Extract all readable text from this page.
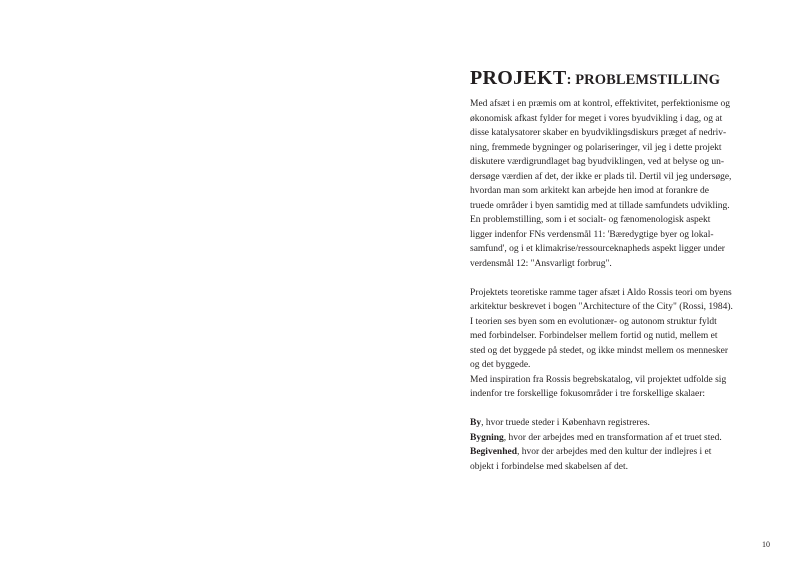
PROJEKT: PROBLEMSTILLING
Med afsæt i en præmis om at kontrol, effektivitet, perfektionisme og
økonomisk afkast fylder for meget i vores byudvikling i dag, og at
disse katalysatorer skaber en byudviklingsdiskurs præget af nedriv-
ning, fremmede bygninger og polariseringer, vil jeg i dette projekt
diskutere værdigrundlaget bag byudviklingen, ved at belyse og un-
dersøge værdien af det, der ikke er plads til. Dertil vil jeg undersøge,
hvordan man som arkitekt kan arbejde hen imod at forankre de
truede områder i byen samtidig med at tillade samfundets udvikling.
En problemstilling, som i et socialt- og fænomenologisk aspekt
ligger indenfor FNs verdensmål 11: 'Bæredygtige byer og lokal-
samfund', og i et klimakrise/ressourceknapheds aspekt ligger under
verdensmål 12: "Ansvarligt forbrug".
Projektets teoretiske ramme tager afsæt i Aldo Rossis teori om byens
arkitektur beskrevet i bogen "Architecture of the City" (Rossi, 1984).
I teorien ses byen som en evolutionær- og autonom struktur fyldt
med forbindelser. Forbindelser mellem fortid og nutid, mellem et
sted og det byggede på stedet, og ikke mindst mellem os mennesker
og det byggede.
Med inspiration fra Rossis begrebskatalog, vil projektet udfolde sig
indenfor tre forskellige fokusområder i tre forskellige skalaer:
By, hvor truede steder i København registreres.
Bygning, hvor der arbejdes med en transformation af et truet sted.
Begivenhed, hvor der arbejdes med den kultur der indlejres i et
objekt i forbindelse med skabelsen af det.
10
